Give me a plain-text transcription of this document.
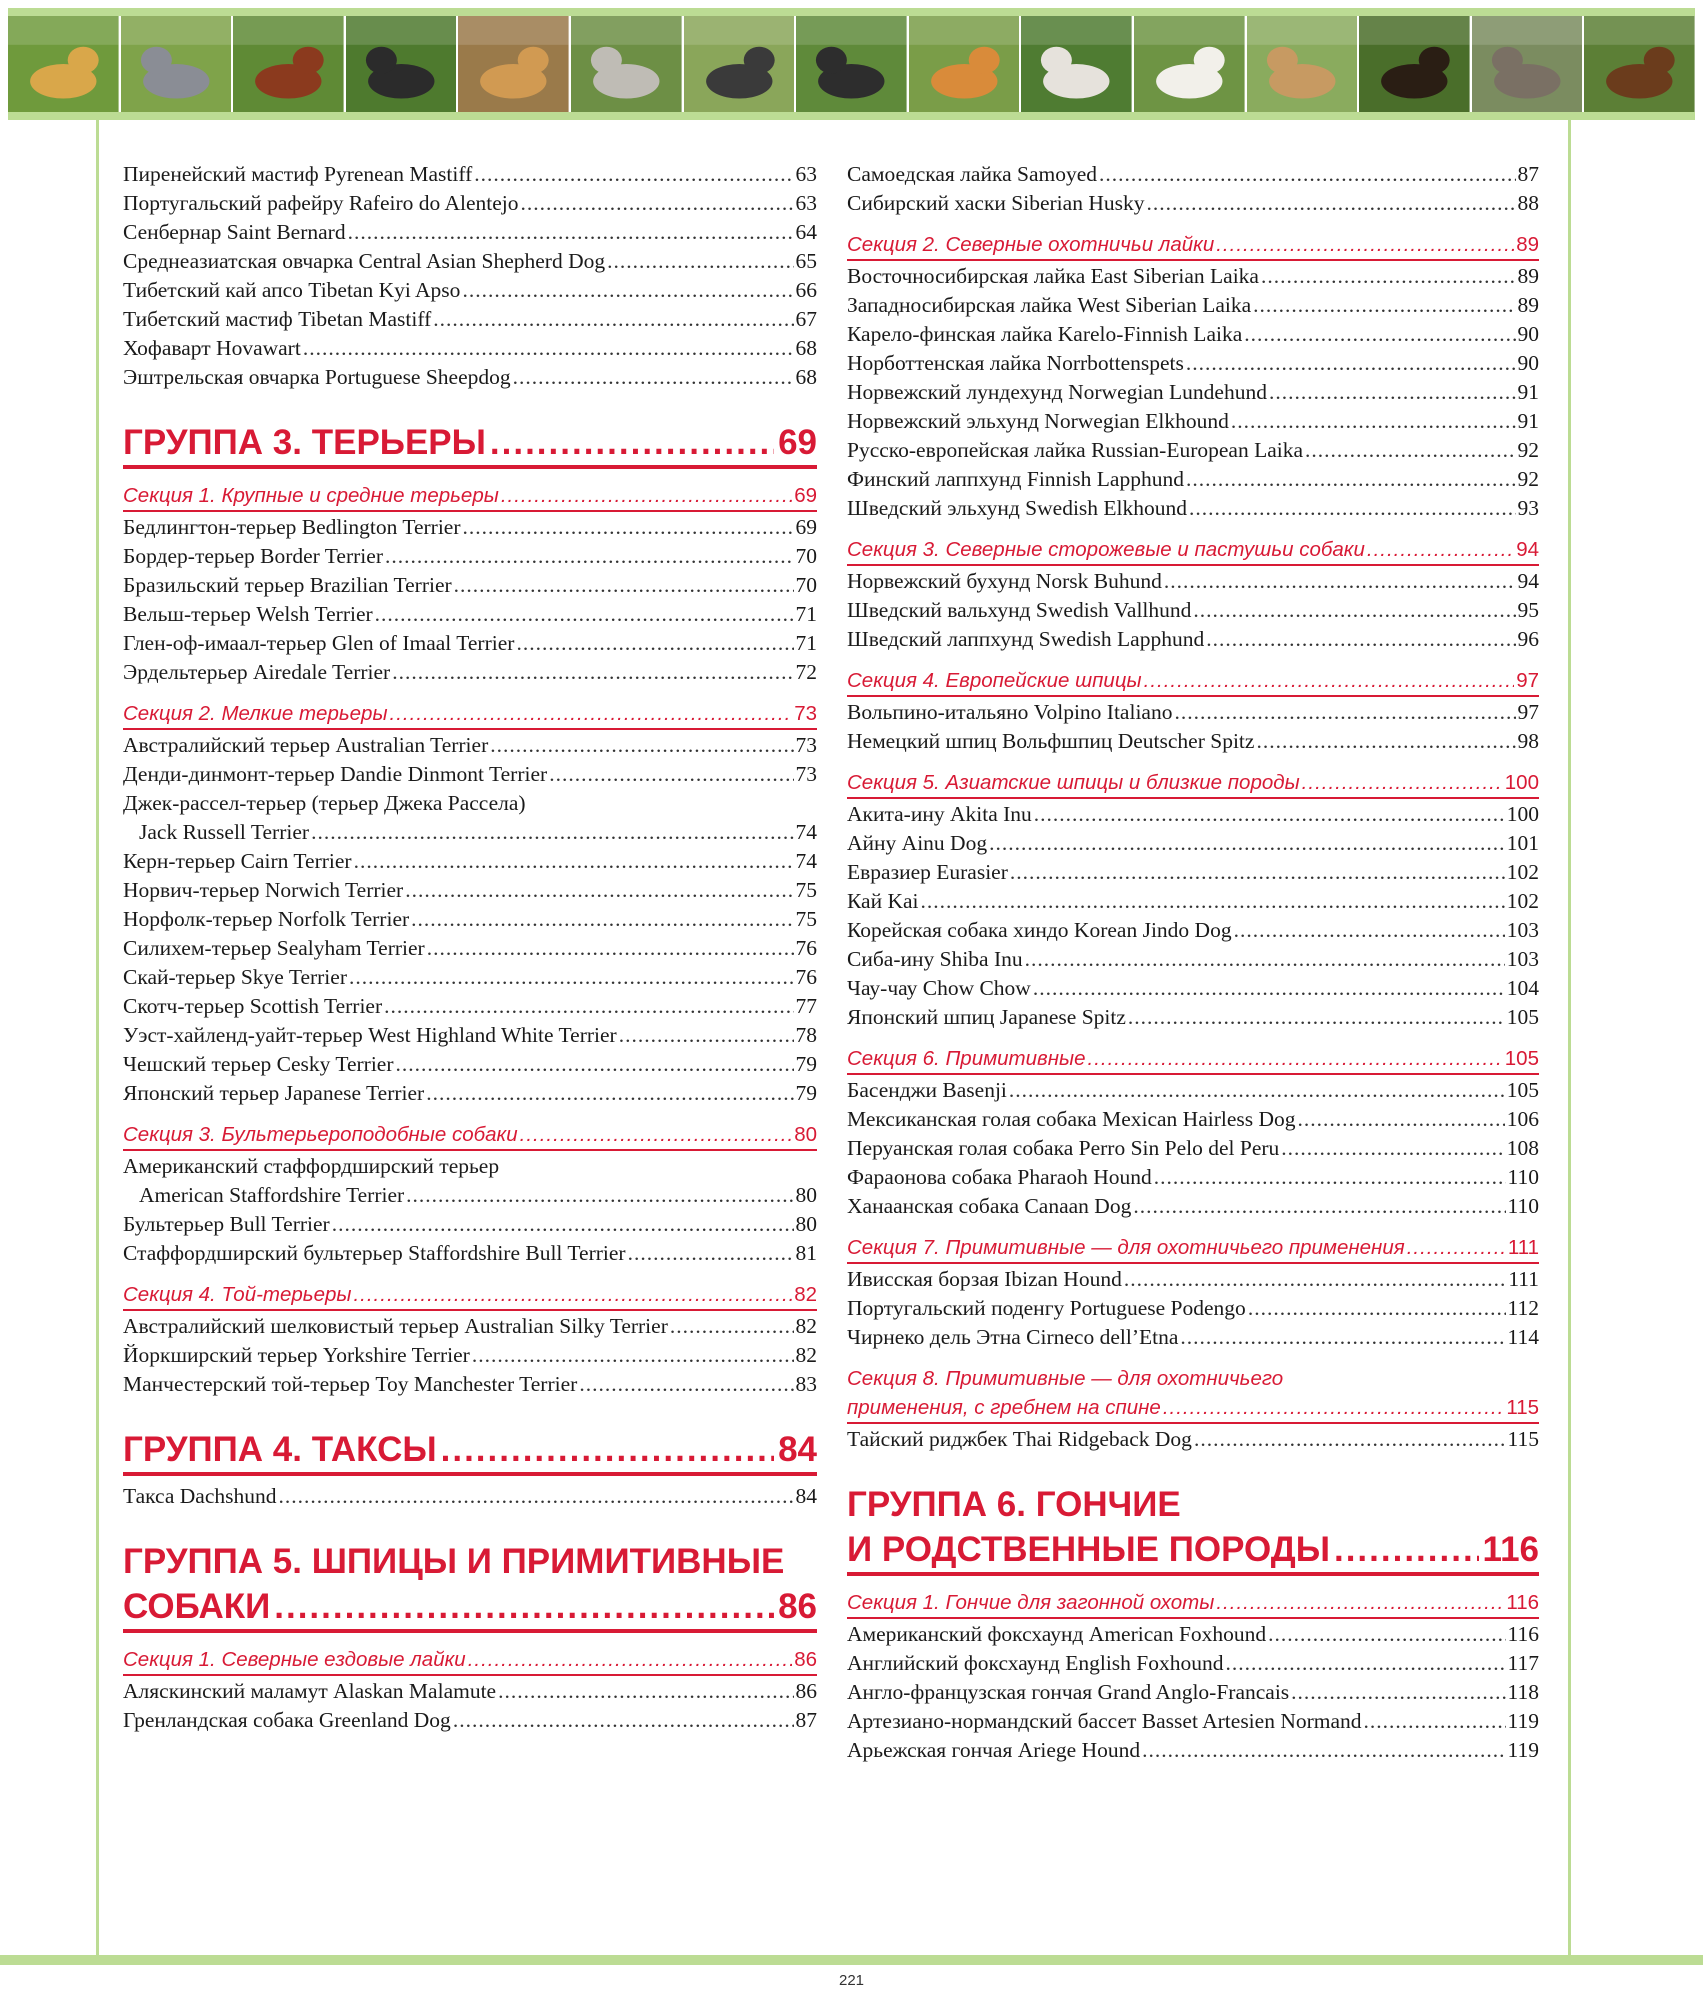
Пиренейский мастиф Pyrenean Mastiff .....	63
Португальский рафейру Rafeiro do Alentejo .....	63
Сенбернар Saint Bernard .....	64
Среднеазиатская овчарка Central Asian Shepherd Dog .....	65
Тибетский кай апсо Tibetan Kyi Apso .....	66
Тибетский мастиф Tibetan Mastiff .....	67
Хофаварт Hovawart .....	68
Эштрельская овчарка Portuguese Sheepdog .....	68
ГРУППА 3. ТЕРЬЕРЫ .....	69
Секция 1. Крупные и средние терьеры .....	69
Бедлингтон-терьер Bedlington Terrier .....	69
Бордер-терьер Border Terrier .....	70
Бразильский терьер Brazilian Terrier .....	70
Вельш-терьер Welsh Terrier .....	71
Глен-оф-имаал-терьер Glen of Imaal Terrier .....	71
Эрдельтерьер Airedale Terrier .....	72
Секция 2. Мелкие терьеры .....	73
Австралийский терьер Australian Terrier .....	73
Денди-динмонт-терьер Dandie Dinmont Terrier .....	73
Джек-рассел-терьер (терьер Джека Рассела)
Jack Russell Terrier .....	74
Керн-терьер Cairn Terrier .....	74
Норвич-терьер Norwich Terrier .....	75
Норфолк-терьер Norfolk Terrier .....	75
Силихем-терьер Sealyham Terrier .....	76
Скай-терьер Skye Terrier .....	76
Скотч-терьер Scottish Terrier .....	77
Уэст-хайленд-уайт-терьер West Highland White Terrier .....	78
Чешский терьер Cesky Terrier .....	79
Японский терьер Japanese Terrier .....	79
Секция 3. Бультерьероподобные собаки .....	80
Американский стаффордширский терьер
American Staffordshire Terrier .....	80
Бультерьер Bull Terrier .....	80
Стаффордширский бультерьер Staffordshire Bull Terrier .....	81
Секция 4. Той-терьеры .....	82
Австралийский шелковистый терьер Australian Silky Terrier .....	82
Йоркширский терьер Yorkshire Terrier .....	82
Манчестерский той-терьер Toy Manchester Terrier .....	83
ГРУППА 4. ТАКСЫ .....	84
Такса Dachshund .....	84
ГРУППА 5. ШПИЦЫ И ПРИМИТИВНЫЕ
СОБАКИ .....	86
Секция 1. Северные ездовые лайки .....	86
Аляскинский маламут Alaskan Malamute .....	86
Гренландская собака Greenland Dog .....	87
Самоедская лайка Samoyed .....	87
Сибирский хаски Siberian Husky .....	88
Секция 2. Северные охотничьи лайки .....	89
Восточносибирская лайка East Siberian Laika .....	89
Западносибирская лайка West Siberian Laika .....	89
Карело-финская лайка Karelo-Finnish Laika .....	90
Норботтенская лайка Norrbottenspets .....	90
Норвежский лундехунд Norwegian Lundehund .....	91
Норвежский эльхунд Norwegian Elkhound .....	91
Русско-европейская лайка Russian-European Laika .....	92
Финский лаппхунд Finnish Lapphund .....	92
Шведский эльхунд Swedish Elkhound .....	93
Секция 3. Северные сторожевые и пастушьи собаки .....	94
Норвежский бухунд Norsk Buhund .....	94
Шведский вальхунд Swedish Vallhund .....	95
Шведский лаппхунд Swedish Lapphund .....	96
Секция 4. Европейские шпицы .....	97
Вольпино-итальяно Volpino Italiano .....	97
Немецкий шпиц Вольфшпиц Deutscher Spitz .....	98
Секция 5. Азиатские шпицы и близкие породы .....	100
Акита-ину Akita Inu .....	100
Айну Ainu Dog .....	101
Евразиер Eurasier .....	102
Кай Kai .....	102
Корейская собака хиндо Korean Jindo Dog .....	103
Сиба-ину Shiba Inu .....	103
Чау-чау Chow Chow .....	104
Японский шпиц Japanese Spitz .....	105
Секция 6. Примитивные .....	105
Басенджи Basenji .....	105
Мексиканская голая собака Mexican Hairless Dog .....	106
Перуанская голая собака Perro Sin Pelo del Peru .....	108
Фараонова собака Pharaoh Hound .....	110
Ханаанская собака Canaan Dog .....	110
Секция 7. Примитивные — для охотничьего применения .....	111
Ивисская борзая Ibizan Hound .....	111
Португальский поденгу Portuguese Podengo .....	112
Чирнеко дель Этна Cirneco dell’Etna .....	114
Секция 8. Примитивные — для охотничьего
применения, с гребнем на спине .....	115
Тайский риджбек Thai Ridgeback Dog .....	115
ГРУППА 6. ГОНЧИЕ
И РОДСТВЕННЫЕ ПОРОДЫ .....	116
Секция 1. Гончие для загонной охоты .....	116
Американский фоксхаунд American Foxhound .....	116
Английский фоксхаунд English Foxhound .....	117
Англо-французская гончая Grand Anglo-Francais .....	118
Артезиано-нормандский бассет Basset Artesien Normand .....	119
Арьежская гончая Ariege Hound .....	119
221
